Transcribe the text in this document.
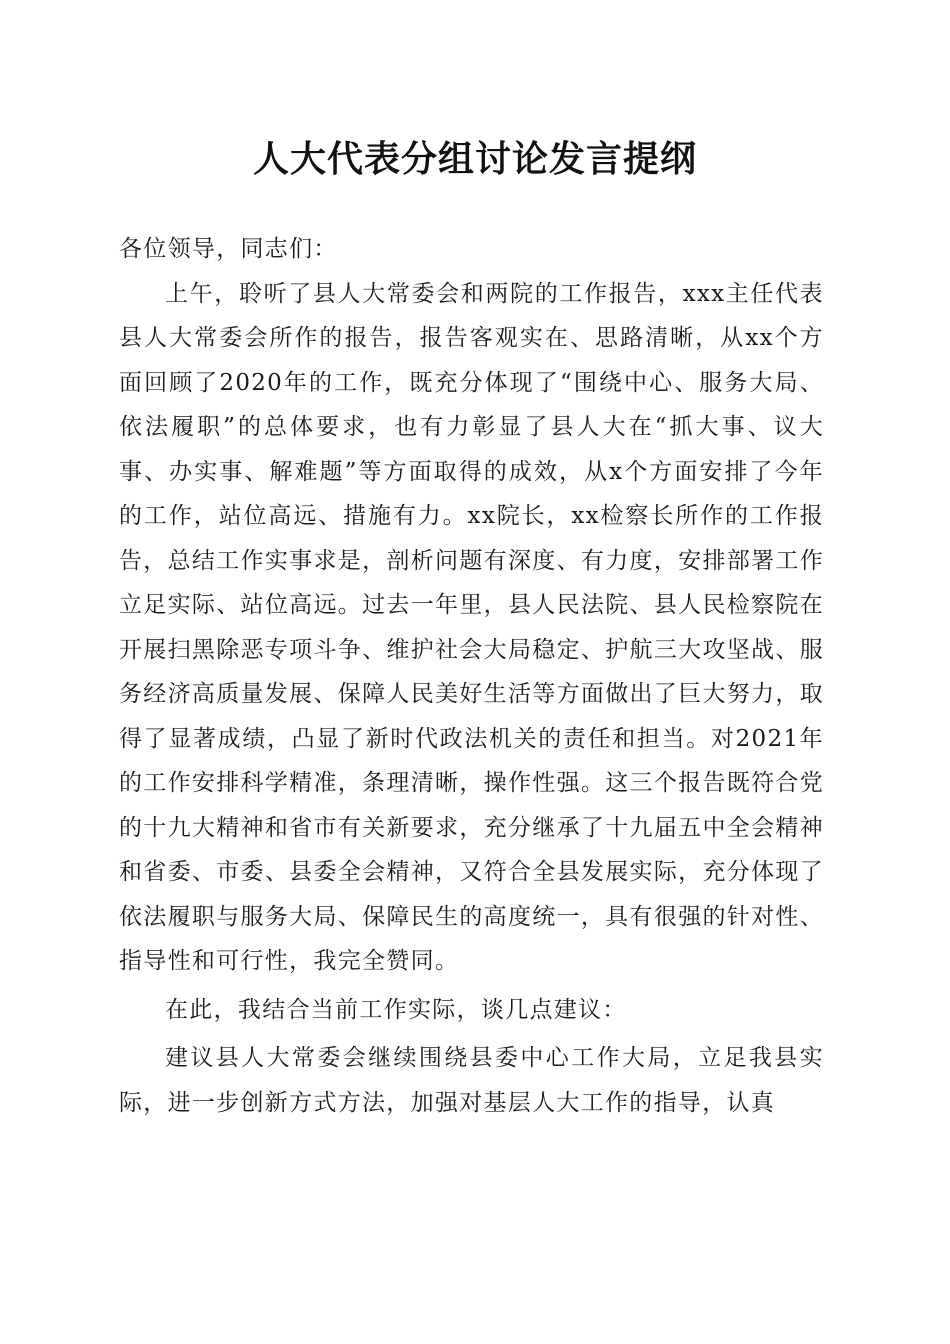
人大代表分组讨论发言提纲

各位领导，同志们：

上午，聆听了县人大常委会和两院的工作报告，xxx主任代表县人大常委会所作的报告，报告客观实在、思路清晰，从xx个方面回顾了2020年的工作，既充分体现了“围绕中心、服务大局、依法履职”的总体要求，也有力彰显了县人大在“抓大事、议大事、办实事、解难题”等方面取得的成效，从x个方面安排了今年的工作，站位高远、措施有力。xx院长，xx检察长所作的工作报告，总结工作实事求是，剖析问题有深度、有力度，安排部署工作立足实际、站位高远。过去一年里，县人民法院、县人民检察院在开展扫黑除恶专项斗争、维护社会大局稳定、护航三大攻坚战、服务经济高质量发展、保障人民美好生活等方面做出了巨大努力，取得了显著成绩，凸显了新时代政法机关的责任和担当。对2021年的工作安排科学精准，条理清晰，操作性强。这三个报告既符合党的十九大精神和省市有关新要求，充分继承了十九届五中全会精神和省委、市委、县委全会精神，又符合全县发展实际，充分体现了依法履职与服务大局、保障民生的高度统一，具有很强的针对性、指导性和可行性，我完全赞同。

在此，我结合当前工作实际，谈几点建议：

建议县人大常委会继续围绕县委中心工作大局，立足我县实际，进一步创新方式方法，加强对基层人大工作的指导，认真
